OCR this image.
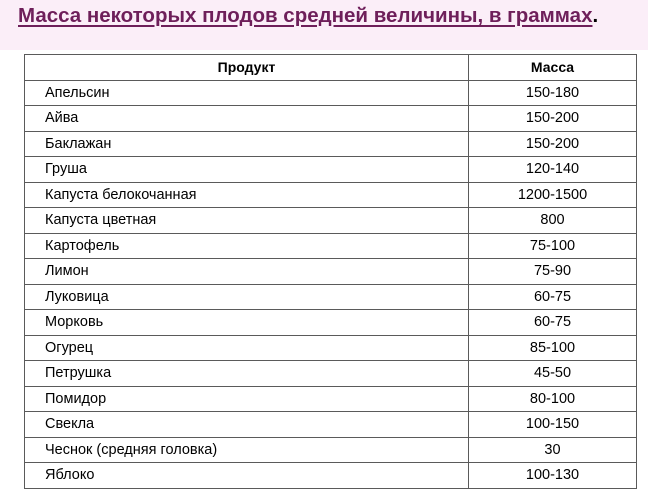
Масса некоторых плодов средней величины, в граммах.
Продукт	Масса
Апельсин	150-180
Айва	150-200
Баклажан	150-200
Груша	120-140
Капуста белокочанная	1200-1500
Капуста цветная	800
Картофель	75-100
Лимон	75-90
Луковица	60-75
Морковь	60-75
Огурец	85-100
Петрушка	45-50
Помидор	80-100
Свекла	100-150
Чеснок (средняя головка)	30
Яблоко	100-130
